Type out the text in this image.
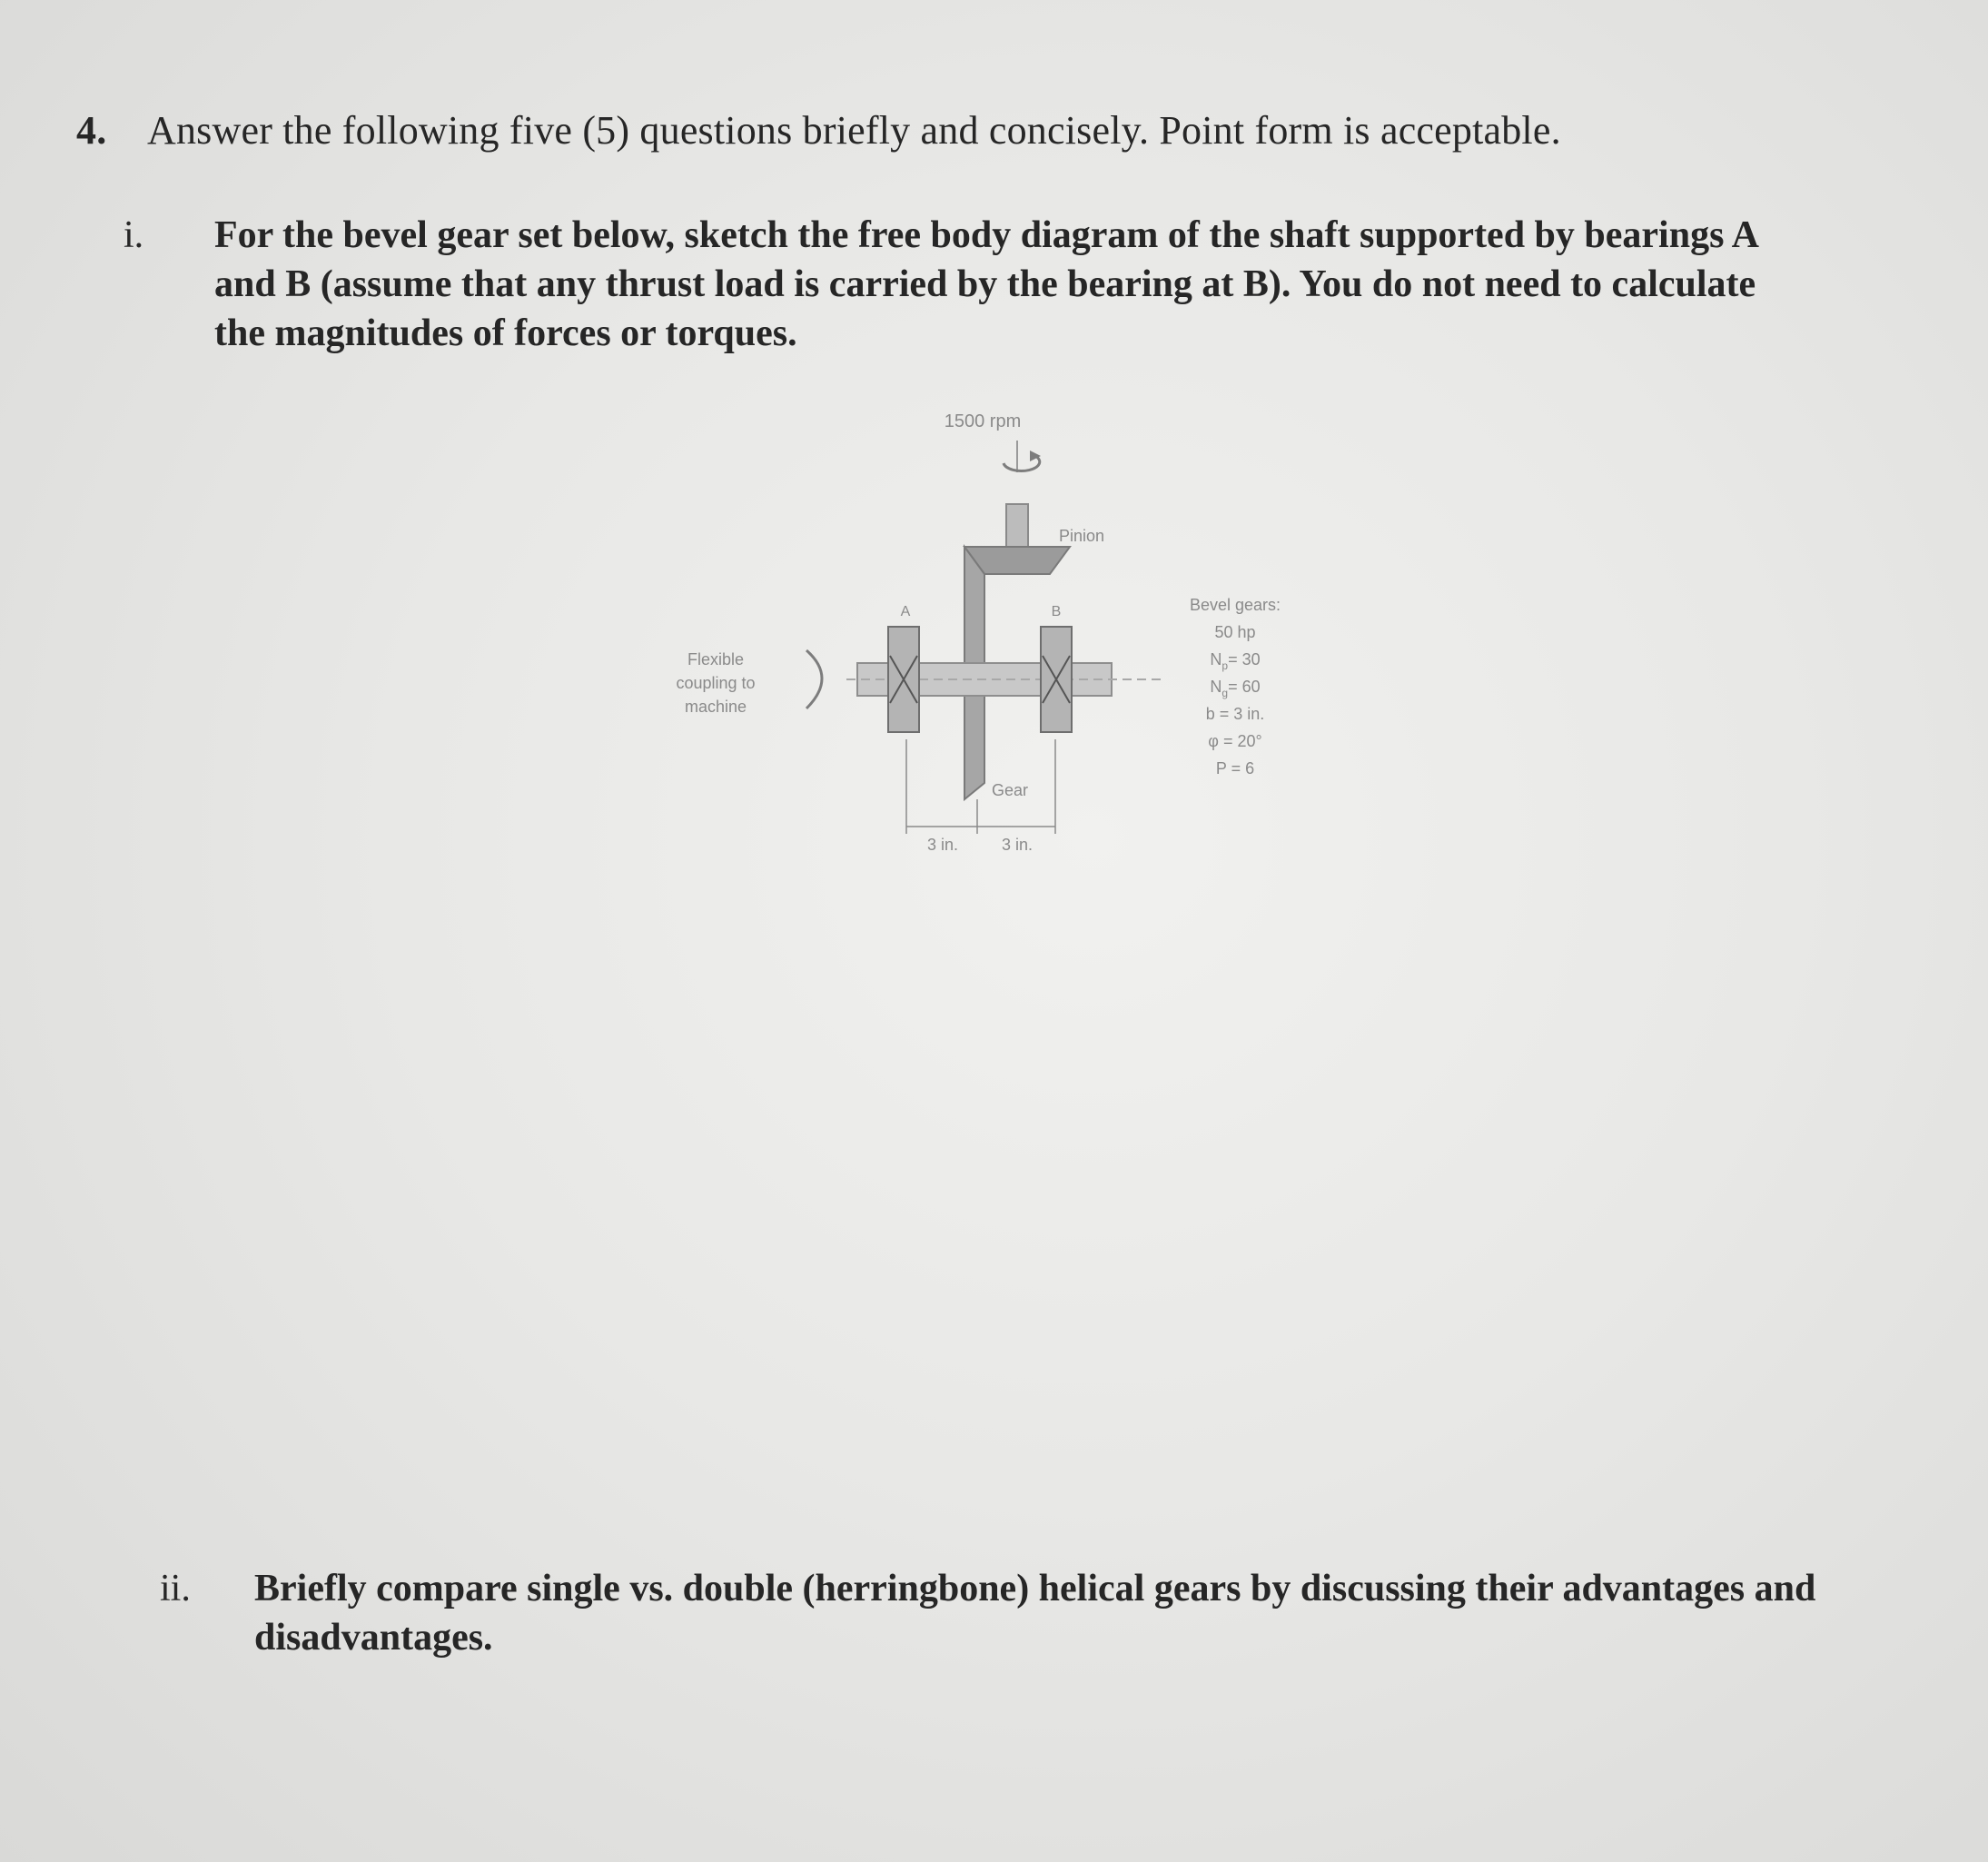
4. Answer the following five (5) questions briefly and concisely. Point form is acceptable.
i. For the bevel gear set below, sketch the free body diagram of the shaft supported by bearings A
and B (assume that any thrust load is carried by the bearing at B). You do not need to calculate
the magnitudes of forces or torques.
1500 rpm
Pinion
Gear
A	B
Flexible
coupling to
machine
3 in.	3 in.
Bevel gears:
50 hp
$N_p= 30$
$N_g= 60$
b = 3 in.
φ = 20°
P = 6
ii. Briefly compare single vs. double (herringbone) helical gears by discussing their advantages and
disadvantages.
